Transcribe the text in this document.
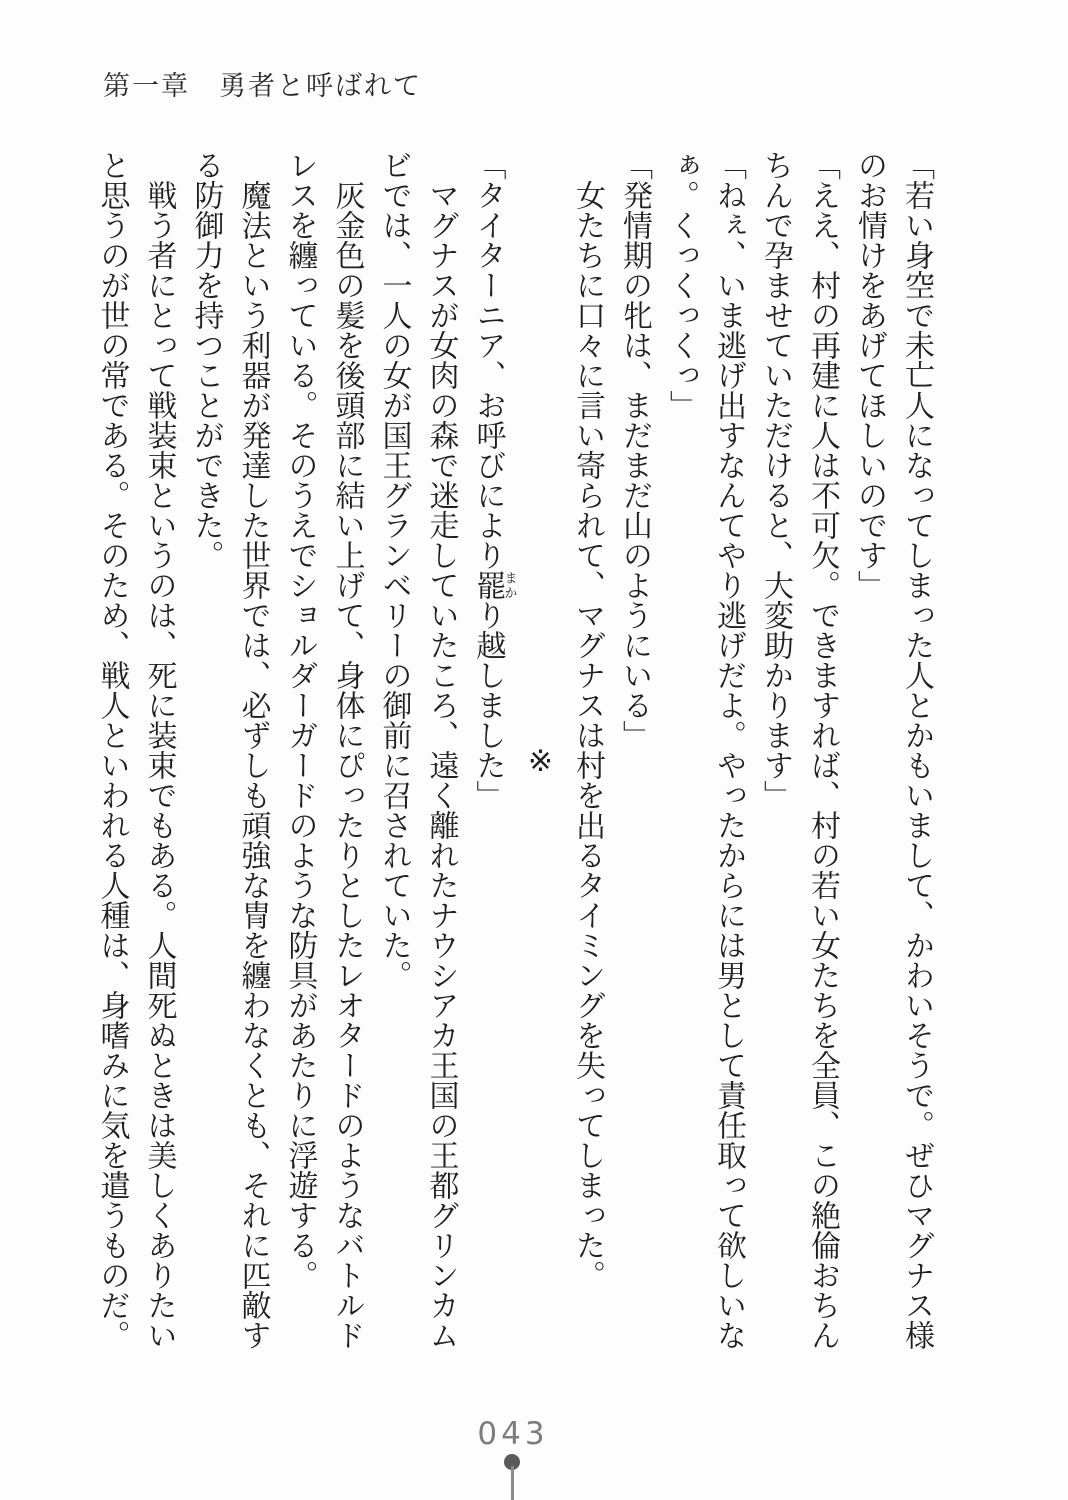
第一章　勇者と呼ばれて

「若い身空で未亡人になってしまった人とかもいまして、かわいそうで。ぜひマグナス様

のお情けをあげてほしいのです」

「ええ、村の再建に人は不可欠。できますれば、村の若い女たちを全員、この絶倫おちん

ちんで孕ませていただけると、大変助かります」

「ねぇ、いま逃げ出すなんてやり逃げだよ。やったからには男として責任取って欲しいな

ぁ。くっくっくっ」

「発情期の牝は、まだまだ山のようにいる」

女たちに口々に言い寄られて、マグナスは村を出るタイミングを失ってしまった。

※

「タイターニア、お呼びにより罷まかり越しました」

マグナスが女肉の森で迷走していたころ、遠く離れたナウシアカ王国の王都グリンカム

ビでは、一人の女が国王グランベリーの御前に召されていた。

灰金色の髪を後頭部に結い上げて、身体にぴったりとしたレオタードのようなバトルド

レスを纏っている。そのうえでショルダーガードのような防具があたりに浮遊する。

魔法という利器が発達した世界では、必ずしも頑強な冑を纏わなくとも、それに匹敵す

る防御力を持つことができた。

戦う者にとって戦装束というのは、死に装束でもある。人間死ぬときは美しくありたい

と思うのが世の常である。そのため、戦人といわれる人種は、身嗜みに気を遣うものだ。

043
